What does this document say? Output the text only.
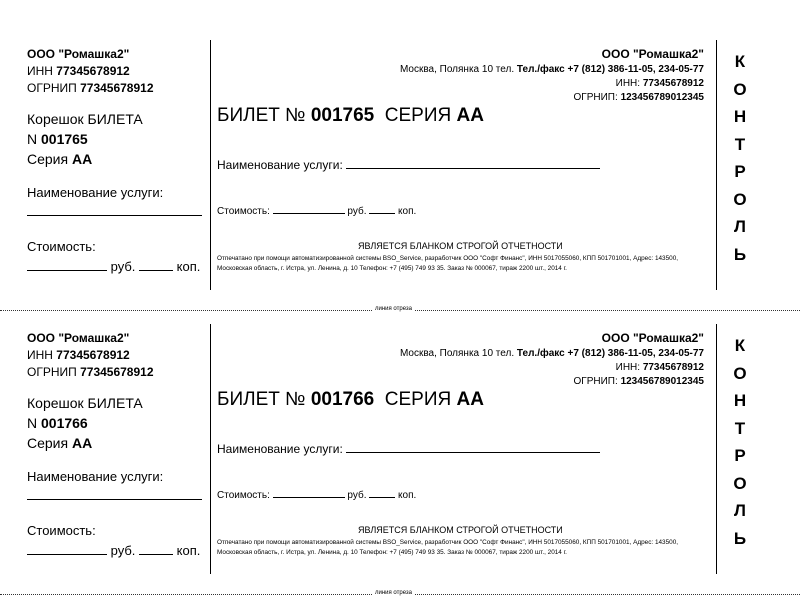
ООО "Ромашка2"
ИНН 77345678912
ОГРНИП 77345678912
Корешок БИЛЕТА
N 001765
Серия АА
Наименование услуги:
Стоимость:
руб.	коп.
ООО "Ромашка2"
Москва, Полянка 10 тел. Тел./факс +7 (812) 386-11-05, 234-05-77
ИНН: 77345678912
ОГРНИП: 123456789012345
БИЛЕТ № 001765 СЕРИЯ АА
Наименование услуги:
Стоимость:	руб.	коп.
ЯВЛЯЕТСЯ БЛАНКОМ СТРОГОЙ ОТЧЕТНОСТИ
Отпечатано при помощи автоматизированной системы BSO_Service, разработчик ООО "Софт Финанс", ИНН 5017055060, КПП 501701001, Адрес: 143500, Московская область, г. Истра, ул. Ленина, д. 10 Телефон: +7 (495) 749 93 35. Заказ № 000067, тираж 2200 шт., 2014 г.
К
О
Н
Т
Р
О
Л
Ь
линия отреза
ООО "Ромашка2"
ИНН 77345678912
ОГРНИП 77345678912
Корешок БИЛЕТА
N 001766
Серия АА
Наименование услуги:
Стоимость:
руб.	коп.
ООО "Ромашка2"
Москва, Полянка 10 тел. Тел./факс +7 (812) 386-11-05, 234-05-77
ИНН: 77345678912
ОГРНИП: 123456789012345
БИЛЕТ № 001766 СЕРИЯ АА
Наименование услуги:
Стоимость:	руб.	коп.
ЯВЛЯЕТСЯ БЛАНКОМ СТРОГОЙ ОТЧЕТНОСТИ
Отпечатано при помощи автоматизированной системы BSO_Service, разработчик ООО "Софт Финанс", ИНН 5017055060, КПП 501701001, Адрес: 143500, Московская область, г. Истра, ул. Ленина, д. 10 Телефон: +7 (495) 749 93 35. Заказ № 000067, тираж 2200 шт., 2014 г.
К
О
Н
Т
Р
О
Л
Ь
линия отреза
